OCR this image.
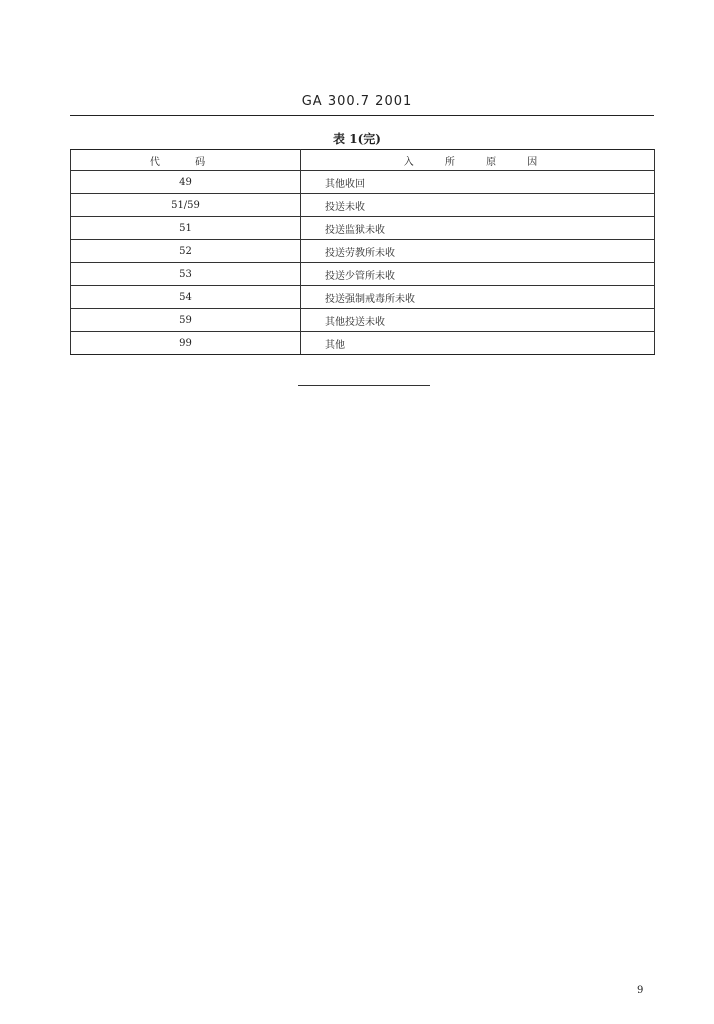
GA 300.7 2001
表 1(完)
代 码	入 所 原 因
49	其他收回
51/59	投送未收
51	投送监狱未收
52	投送劳教所未收
53	投送少管所未收
54	投送强制戒毒所未收
59	其他投送未收
99	其他
9
